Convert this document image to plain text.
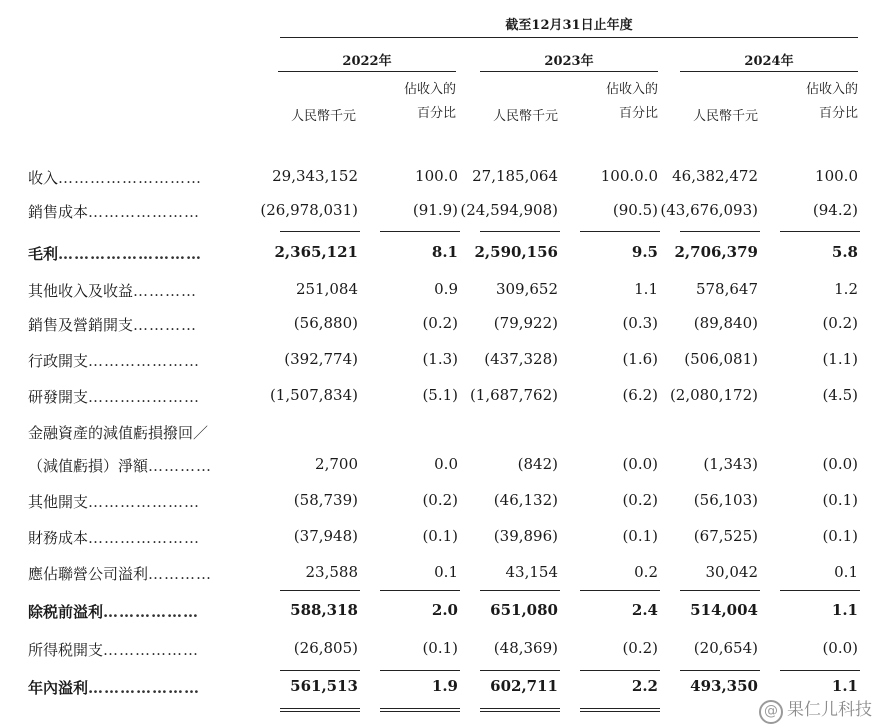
截至12月31日止年度
2022年	2023年	2024年
人民幣千元
佔收入的
百分比	人民幣千元
佔收入的
百分比	人民幣千元
佔收入的
百分比
收入………………………	29,343,152	100.0 27,185,064	100.0.0 46,382,472	100.0
銷售成本…………………	(26,978,031)	(91.9) (24,594,908)	(90.5) (43,676,093)	(94.2)
毛利………………………	2,365,121	8.1	2,590,156	9.5	2,706,379	5.8
其他收入及收益…………	251,084	0.9	309,652	1.1	578,647	1.2
銷售及營銷開支…………	(56,880)	(0.2)	(79,922)	(0.3)	(89,840)	(0.2)
行政開支…………………	(392,774)	(1.3)	(437,328)	(1.6)	(506,081)	(1.1)
研發開支…………………	(1,507,834)	(5.1) (1,687,762)	(6.2) (2,080,172)	(4.5)
金融資產的減值虧損撥回／
（減值虧損）淨額…………	2,700	0.0	(842)	(0.0)	(1,343)	(0.0)
其他開支…………………	(58,739)	(0.2)	(46,132)	(0.2)	(56,103)	(0.1)
財務成本…………………	(37,948)	(0.1)	(39,896)	(0.1)	(67,525)	(0.1)
應佔聯營公司溢利…………	23,588	0.1	43,154	0.2	30,042	0.1
除税前溢利………………	588,318	2.0	651,080	2.4	514,004	1.1
所得税開支………………	(26,805)	(0.1)	(48,369)	(0.2)	(20,654)	(0.0)
年內溢利…………………	561,513	1.9	602,711	2.2	493,350	1.1
@ 果仁儿科技
